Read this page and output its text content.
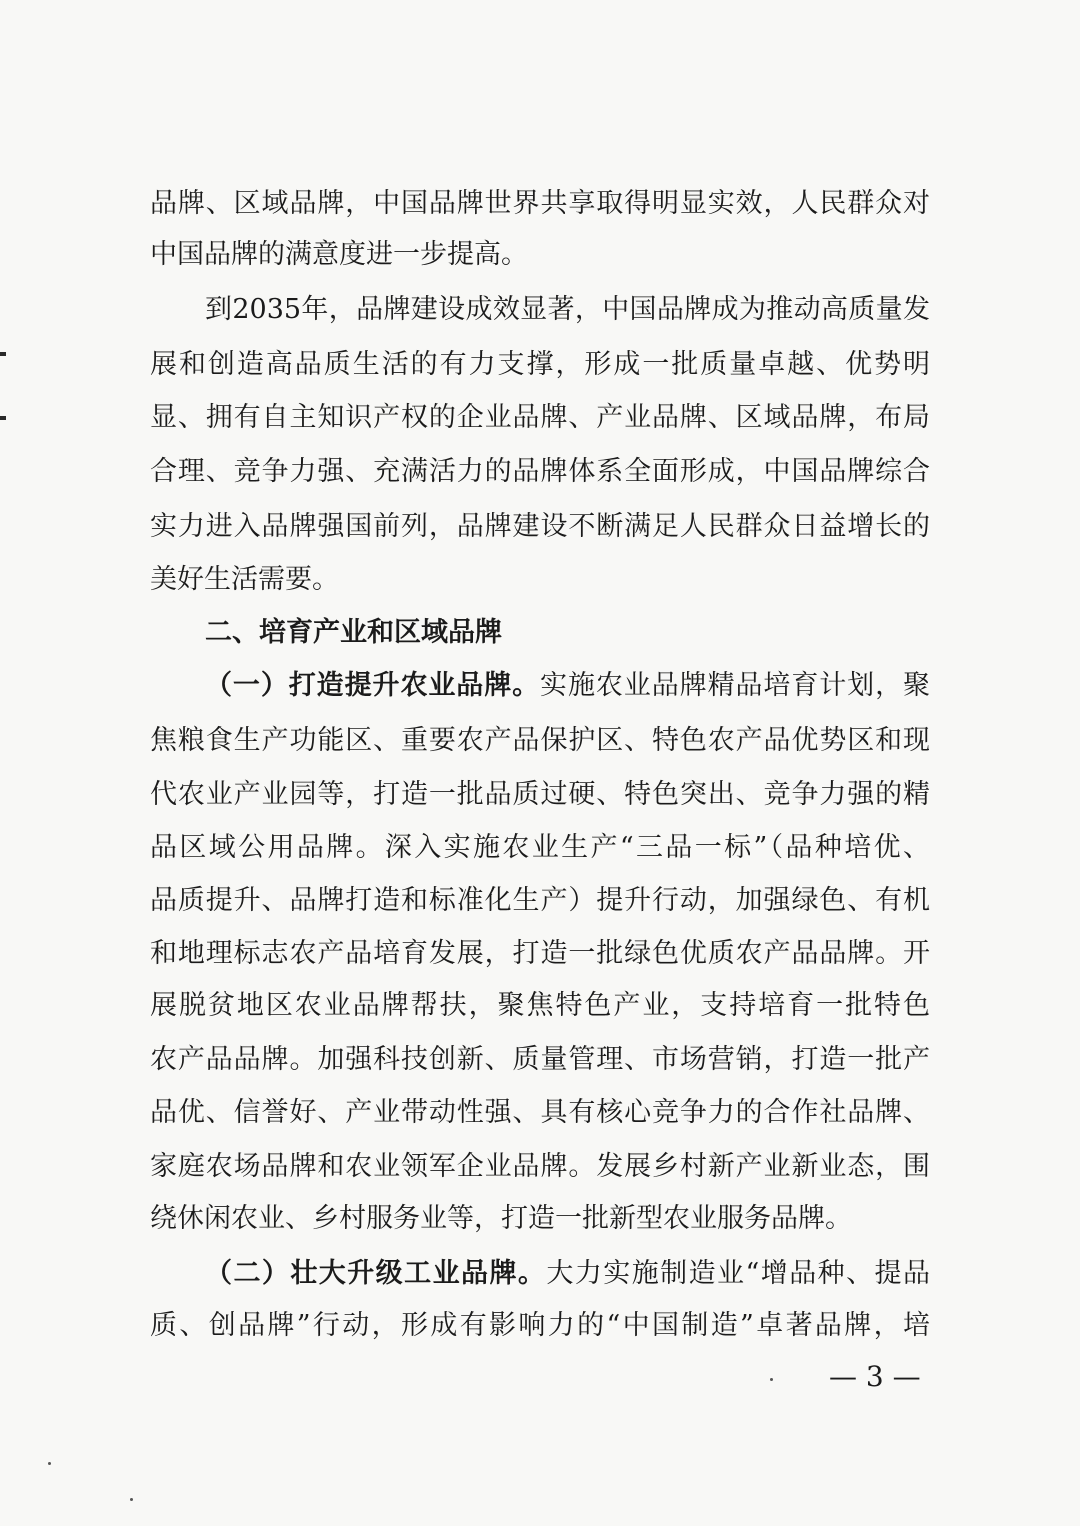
品牌、区域品牌，中国品牌世界共享取得明显实效，人民群众对
中国品牌的满意度进一步提高。
到2035年，品牌建设成效显著，中国品牌成为推动高质量发
展和创造高品质生活的有力支撑，形成一批质量卓越、优势明
显、拥有自主知识产权的企业品牌、产业品牌、区域品牌，布局
合理、竞争力强、充满活力的品牌体系全面形成，中国品牌综合
实力进入品牌强国前列，品牌建设不断满足人民群众日益增长的
美好生活需要。
二、培育产业和区域品牌
（一）打造提升农业品牌。实施农业品牌精品培育计划，聚
焦粮食生产功能区、重要农产品保护区、特色农产品优势区和现
代农业产业园等，打造一批品质过硬、特色突出、竞争力强的精
品区域公用品牌。深入实施农业生产“三品一标”（品种培优、
品质提升、品牌打造和标准化生产）提升行动，加强绿色、有机
和地理标志农产品培育发展，打造一批绿色优质农产品品牌。开
展脱贫地区农业品牌帮扶，聚焦特色产业，支持培育一批特色
农产品品牌。加强科技创新、质量管理、市场营销，打造一批产
品优、信誉好、产业带动性强、具有核心竞争力的合作社品牌、
家庭农场品牌和农业领军企业品牌。发展乡村新产业新业态，围
绕休闲农业、乡村服务业等，打造一批新型农业服务品牌。
（二）壮大升级工业品牌。大力实施制造业“增品种、提品
质、创品牌”行动，形成有影响力的“中国制造”卓著品牌，培
— 3 —
